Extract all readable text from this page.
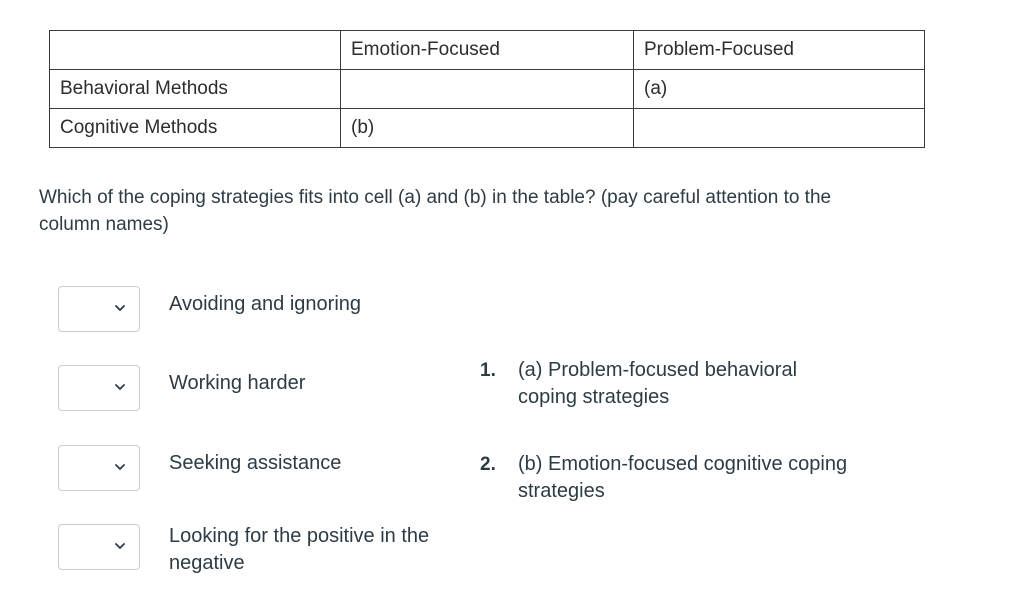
	Emotion-Focused	Problem-Focused
Behavioral Methods		(a)
Cognitive Methods	(b)	
Which of the coping strategies fits into cell (a) and (b) in the table? (pay careful attention to the column names)
Avoiding and ignoring
Working harder
Seeking assistance
Looking for the positive in the negative
1. (a) Problem-focused behavioral coping strategies
2. (b) Emotion-focused cognitive coping strategies
